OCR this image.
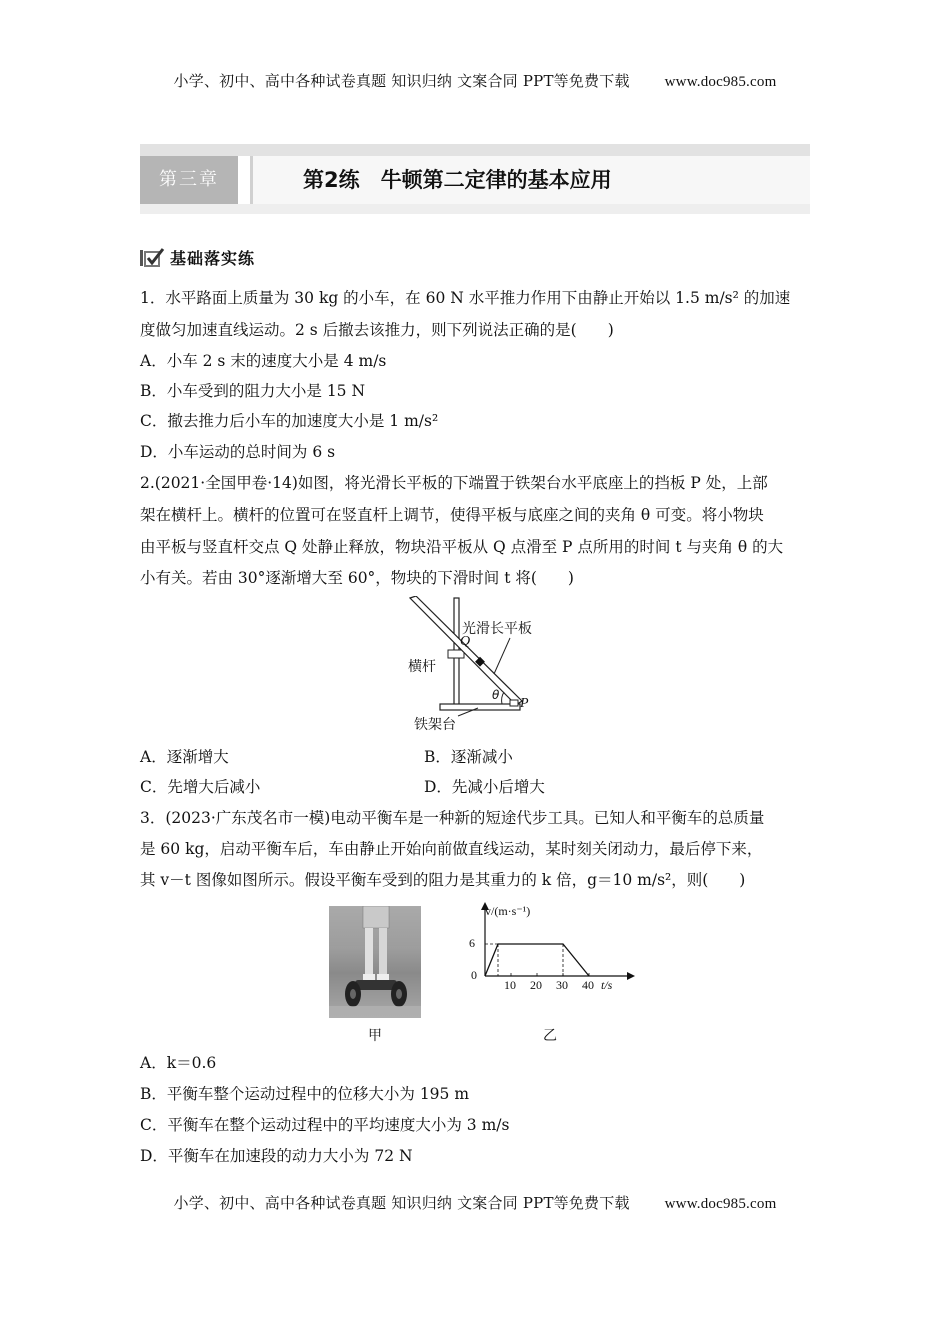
小学、初中、高中各种试卷真题 知识归纳 文案合同 PPT等免费下载 www.doc985.com
第三章	第2练　牛顿第二定律的基本应用
基础落实练
1．水平路面上质量为 30 kg 的小车，在 60 N 水平推力作用下由静止开始以 1.5 m/s² 的加速
度做匀加速直线运动。2 s 后撤去该推力，则下列说法正确的是(　　)
A．小车 2 s 末的速度大小是 4 m/s
B．小车受到的阻力大小是 15 N
C．撤去推力后小车的加速度大小是 1 m/s²
D．小车运动的总时间为 6 s
2.(2021·全国甲卷·14)如图，将光滑长平板的下端置于铁架台水平底座上的挡板 P 处，上部
架在横杆上。横杆的位置可在竖直杆上调节，使得平板与底座之间的夹角 θ 可变。将小物块
由平板与竖直杆交点 Q 处静止释放，物块沿平板从 Q 点滑至 P 点所用的时间 t 与夹角 θ 的大
小有关。若由 30°逐渐增大至 60°，物块的下滑时间 t 将(　　)
光滑长平板
Q
横杆
θ
P
铁架台
A．逐渐增大	B．逐渐减小
C．先增大后减小	D．先减小后增大
3．(2023·广东茂名市一模)电动平衡车是一种新的短途代步工具。已知人和平衡车的总质量
是 60 kg，启动平衡车后，车由静止开始向前做直线运动，某时刻关闭动力，最后停下来，
其 v－t 图像如图所示。假设平衡车受到的阻力是其重力的 k 倍，g＝10 m/s²，则(　　)
甲
v/(m·s⁻¹)
t/s
6
0
10 20 30 40
乙
A．k＝0.6
B．平衡车整个运动过程中的位移大小为 195 m
C．平衡车在整个运动过程中的平均速度大小为 3 m/s
D．平衡车在加速段的动力大小为 72 N
小学、初中、高中各种试卷真题 知识归纳 文案合同 PPT等免费下载 www.doc985.com
